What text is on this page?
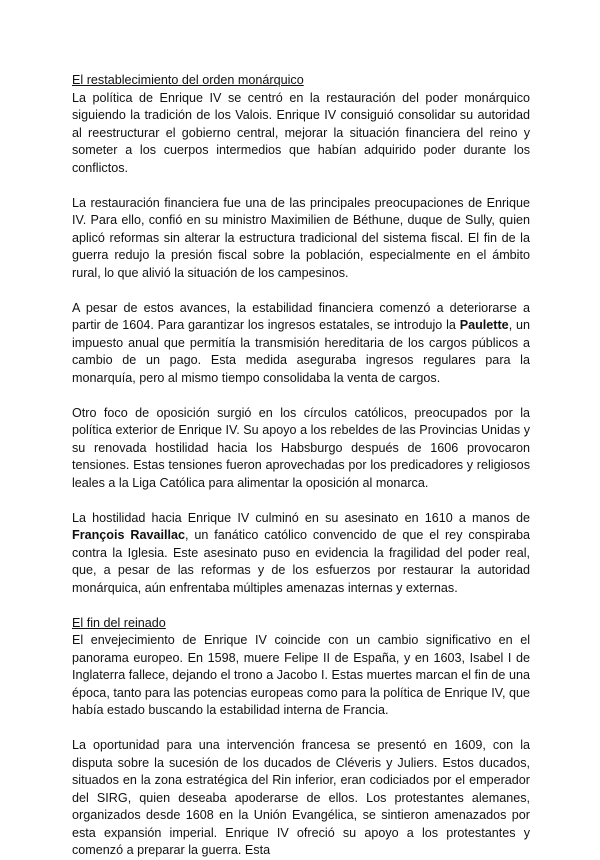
El restablecimiento del orden monárquico

La política de Enrique IV se centró en la restauración del poder monárquico siguiendo la tradición de los Valois. Enrique IV consiguió consolidar su autoridad al reestructurar el gobierno central, mejorar la situación financiera del reino y someter a los cuerpos intermedios que habían adquirido poder durante los conflictos.

La restauración financiera fue una de las principales preocupaciones de Enrique IV. Para ello, confió en su ministro Maximilien de Béthune, duque de Sully, quien aplicó reformas sin alterar la estructura tradicional del sistema fiscal. El fin de la guerra redujo la presión fiscal sobre la población, especialmente en el ámbito rural, lo que alivió la situación de los campesinos.

A pesar de estos avances, la estabilidad financiera comenzó a deteriorarse a partir de 1604. Para garantizar los ingresos estatales, se introdujo la Paulette, un impuesto anual que permitía la transmisión hereditaria de los cargos públicos a cambio de un pago. Esta medida aseguraba ingresos regulares para la monarquía, pero al mismo tiempo consolidaba la venta de cargos.

Otro foco de oposición surgió en los círculos católicos, preocupados por la política exterior de Enrique IV. Su apoyo a los rebeldes de las Provincias Unidas y su renovada hostilidad hacia los Habsburgo después de 1606 provocaron tensiones. Estas tensiones fueron aprovechadas por los predicadores y religiosos leales a la Liga Católica para alimentar la oposición al monarca.

La hostilidad hacia Enrique IV culminó en su asesinato en 1610 a manos de François Ravaillac, un fanático católico convencido de que el rey conspiraba contra la Iglesia. Este asesinato puso en evidencia la fragilidad del poder real, que, a pesar de las reformas y de los esfuerzos por restaurar la autoridad monárquica, aún enfrentaba múltiples amenazas internas y externas.

El fin del reinado

El envejecimiento de Enrique IV coincide con un cambio significativo en el panorama europeo. En 1598, muere Felipe II de España, y en 1603, Isabel I de Inglaterra fallece, dejando el trono a Jacobo I. Estas muertes marcan el fin de una época, tanto para las potencias europeas como para la política de Enrique IV, que había estado buscando la estabilidad interna de Francia.

La oportunidad para una intervención francesa se presentó en 1609, con la disputa sobre la sucesión de los ducados de Cléveris y Juliers. Estos ducados, situados en la zona estratégica del Rin inferior, eran codiciados por el emperador del SIRG, quien deseaba apoderarse de ellos. Los protestantes alemanes, organizados desde 1608 en la Unión Evangélica, se sintieron amenazados por esta expansión imperial. Enrique IV ofreció su apoyo a los protestantes y comenzó a preparar la guerra. Esta
